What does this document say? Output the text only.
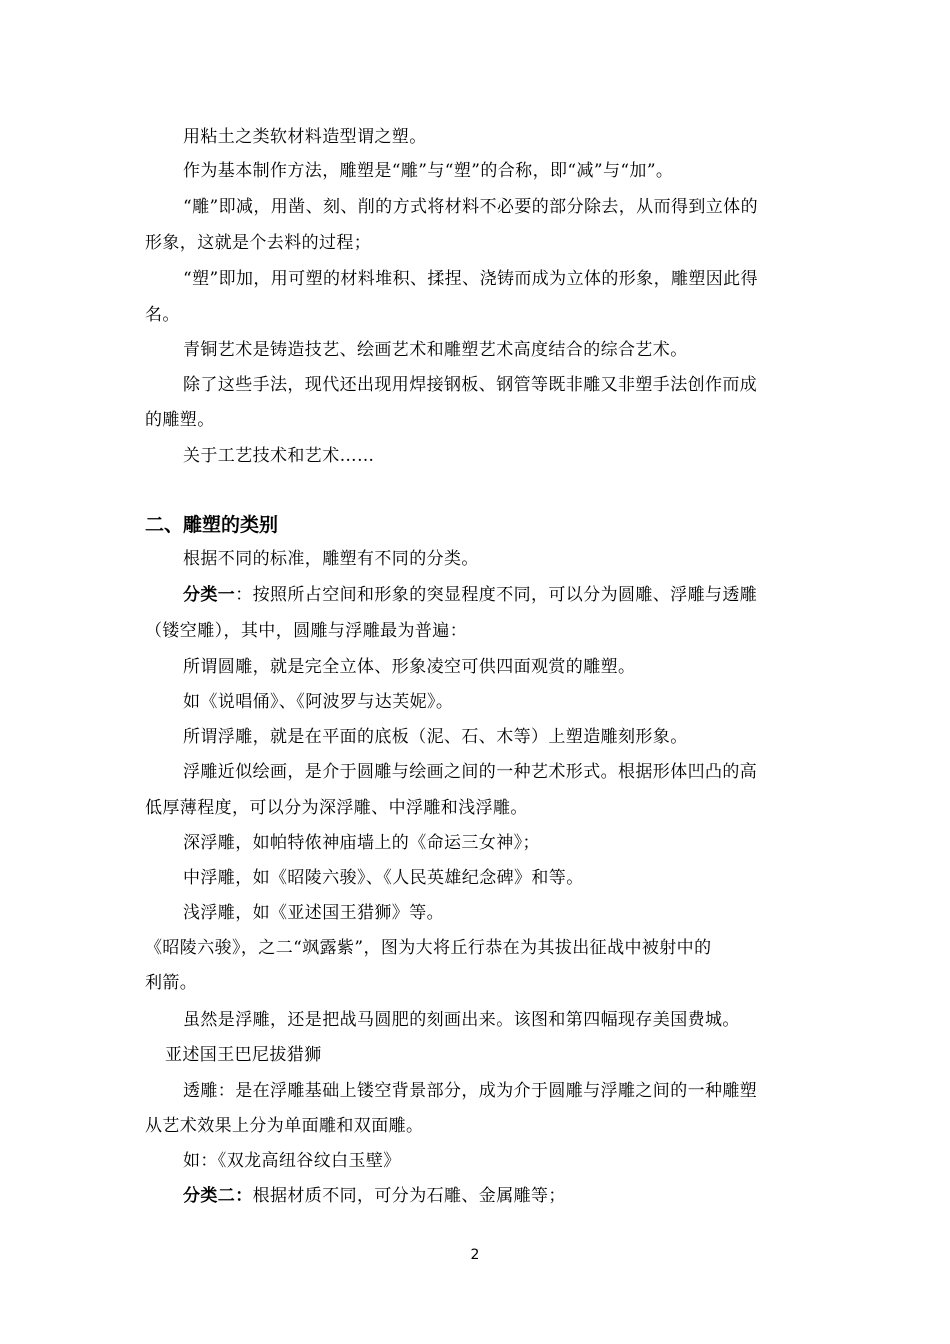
用粘土之类软材料造型谓之塑。
作为基本制作方法，雕塑是“雕”与“塑”的合称，即“减”与“加”。
“雕”即减，用凿、刻、削的方式将材料不必要的部分除去，从而得到立体的
形象，这就是个去料的过程；
“塑”即加，用可塑的材料堆积、揉捏、浇铸而成为立体的形象，雕塑因此得
名。
青铜艺术是铸造技艺、绘画艺术和雕塑艺术高度结合的综合艺术。
除了这些手法，现代还出现用焊接钢板、钢管等既非雕又非塑手法创作而成
的雕塑。
关于工艺技术和艺术……
二、雕塑的类别
根据不同的标准，雕塑有不同的分类。
分类一：按照所占空间和形象的突显程度不同，可以分为圆雕、浮雕与透雕
（镂空雕），其中，圆雕与浮雕最为普遍：
所谓圆雕，就是完全立体、形象凌空可供四面观赏的雕塑。
如《说唱俑》、《阿波罗与达芙妮》。
所谓浮雕，就是在平面的底板（泥、石、木等）上塑造雕刻形象。
浮雕近似绘画，是介于圆雕与绘画之间的一种艺术形式。根据形体凹凸的高
低厚薄程度，可以分为深浮雕、中浮雕和浅浮雕。
深浮雕，如帕特侬神庙墙上的《命运三女神》；
中浮雕，如《昭陵六骏》、《人民英雄纪念碑》和等。
浅浮雕，如《亚述国王猎狮》等。
《昭陵六骏》，之二“飒露紫”，图为大将丘行恭在为其拔出征战中被射中的
利箭。
虽然是浮雕，还是把战马圆肥的刻画出来。该图和第四幅现存美国费城。
亚述国王巴尼拔猎狮
透雕：是在浮雕基础上镂空背景部分，成为介于圆雕与浮雕之间的一种雕塑
从艺术效果上分为单面雕和双面雕。
如：《双龙高纽谷纹白玉壁》
分类二：根据材质不同，可分为石雕、金属雕等；
2
